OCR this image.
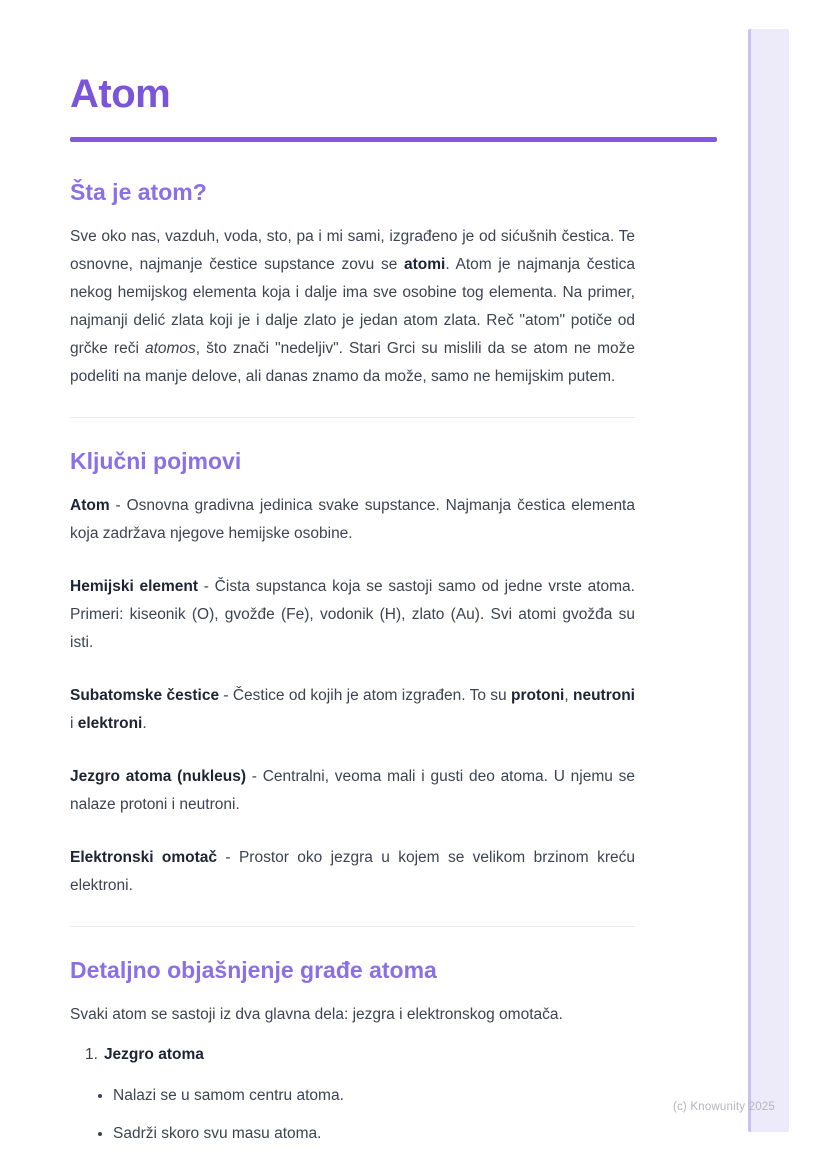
Atom
Šta je atom?

Sve oko nas, vazduh, voda, sto, pa i mi sami, izgrađeno je od sićušnih čestica. Te osnovne, najmanje čestice supstance zovu se atomi. Atom je najmanja čestica nekog hemijskog elementa koja i dalje ima sve osobine tog elementa. Na primer, najmanji delić zlata koji je i dalje zlato je jedan atom zlata. Reč "atom" potiče od grčke reči atomos, što znači "nedeljiv". Stari Grci su mislili da se atom ne može podeliti na manje delove, ali danas znamo da može, samo ne hemijskim putem.

Ključni pojmovi

Atom - Osnovna gradivna jedinica svake supstance. Najmanja čestica elementa koja zadržava njegove hemijske osobine.

Hemijski element - Čista supstanca koja se sastoji samo od jedne vrste atoma. Primeri: kiseonik (O), gvožđe (Fe), vodonik (H), zlato (Au). Svi atomi gvožđa su isti.

Subatomske čestice - Čestice od kojih je atom izgrađen. To su protoni, neutroni i elektroni.

Jezgro atoma (nukleus) - Centralni, veoma mali i gusti deo atoma. U njemu se nalaze protoni i neutroni.

Elektronski omotač - Prostor oko jezgra u kojem se velikom brzinom kreću elektroni.

Detaljno objašnjenje građe atoma

Svaki atom se sastoji iz dva glavna dela: jezgra i elektronskog omotača.

1. Jezgro atoma
• Nalazi se u samom centru atoma.
• Sadrži skoro svu masu atoma.
(c) Knowunity 2025
